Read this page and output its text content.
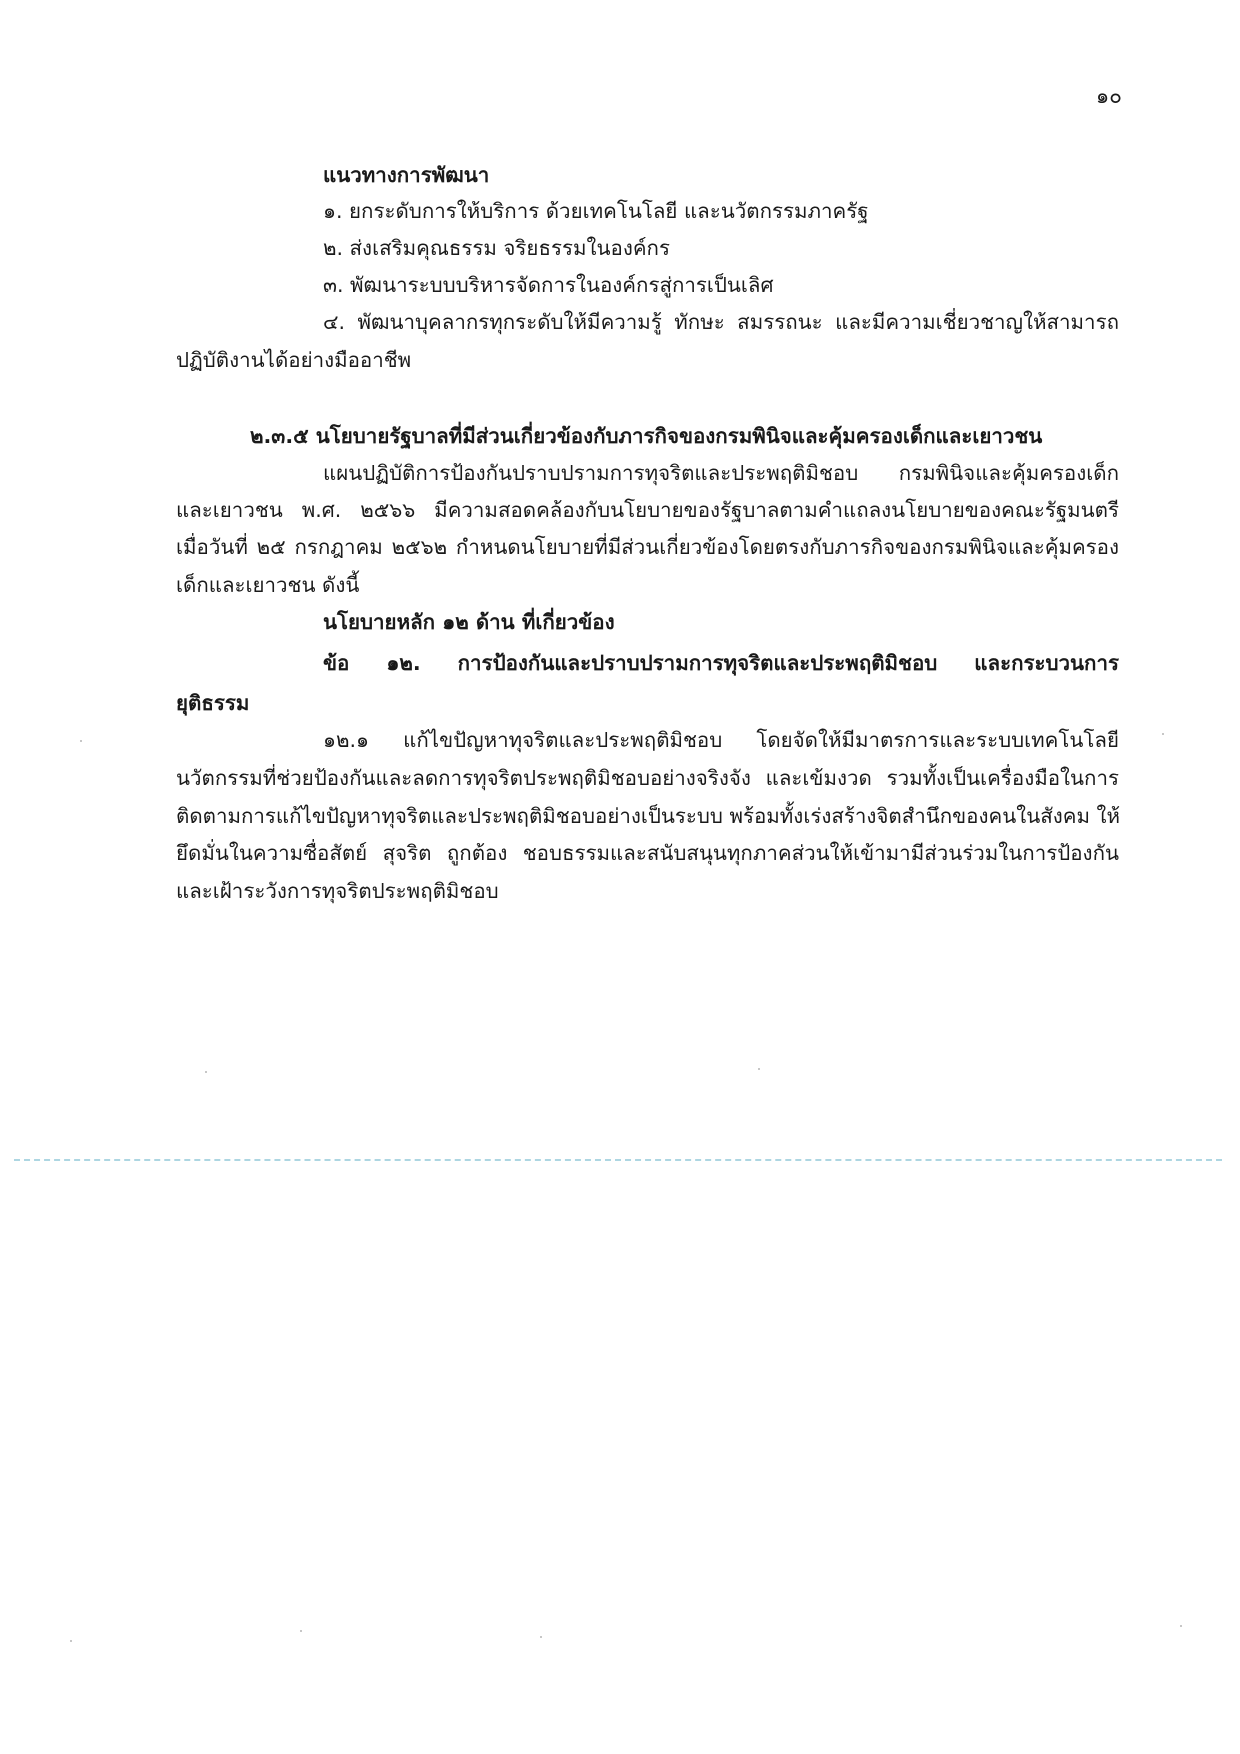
๑๐
แนวทางการพัฒนา
๑. ยกระดับการให้บริการ ด้วยเทคโนโลยี และนวัตกรรมภาครัฐ
๒. ส่งเสริมคุณธรรม จริยธรรมในองค์กร
๓. พัฒนาระบบบริหารจัดการในองค์กรสู่การเป็นเลิศ
๔. พัฒนาบุคลากรทุกระดับให้มีความรู้ ทักษะ สมรรถนะ และมีความเชี่ยวชาญให้สามารถ
ปฏิบัติงานได้อย่างมืออาชีพ
๒.๓.๕ นโยบายรัฐบาลที่มีส่วนเกี่ยวข้องกับภารกิจของกรมพินิจและคุ้มครองเด็กและเยาวชน
แผนปฏิบัติการป้องกันปราบปรามการทุจริตและประพฤติมิชอบ กรมพินิจและคุ้มครองเด็ก
และเยาวชน พ.ศ. ๒๕๖๖ มีความสอดคล้องกับนโยบายของรัฐบาลตามคำแถลงนโยบายของคณะรัฐมนตรี
เมื่อวันที่ ๒๕ กรกฎาคม ๒๕๖๒ กำหนดนโยบายที่มีส่วนเกี่ยวข้องโดยตรงกับภารกิจของกรมพินิจและคุ้มครอง
เด็กและเยาวชน ดังนี้
นโยบายหลัก ๑๒ ด้าน ที่เกี่ยวข้อง
ข้อ ๑๒. การป้องกันและปราบปรามการทุจริตและประพฤติมิชอบ และกระบวนการ
ยุติธรรม
๑๒.๑ แก้ไขปัญหาทุจริตและประพฤติมิชอบ โดยจัดให้มีมาตรการและระบบเทคโนโลยี
นวัตกรรมที่ช่วยป้องกันและลดการทุจริตประพฤติมิชอบอย่างจริงจัง และเข้มงวด รวมทั้งเป็นเครื่องมือในการ
ติดตามการแก้ไขปัญหาทุจริตและประพฤติมิชอบอย่างเป็นระบบ พร้อมทั้งเร่งสร้างจิตสำนึกของคนในสังคม ให้
ยึดมั่นในความซื่อสัตย์ สุจริต ถูกต้อง ชอบธรรมและสนับสนุนทุกภาคส่วนให้เข้ามามีส่วนร่วมในการป้องกัน
และเฝ้าระวังการทุจริตประพฤติมิชอบ
